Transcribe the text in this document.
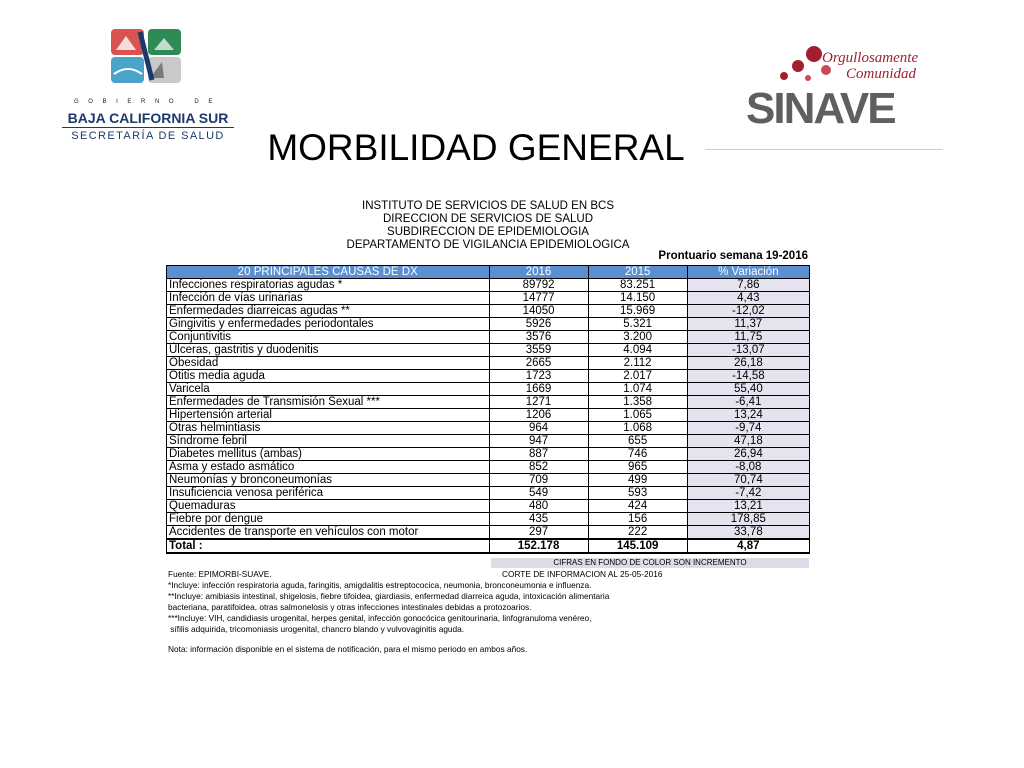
GOBIERNO DE
BAJA CALIFORNIA SUR
SECRETARÍA DE SALUD
Orgullosamente
Comunidad
SINAVE
MORBILIDAD GENERAL
INSTITUTO DE SERVICIOS DE SALUD EN BCS
DIRECCION DE SERVICIOS DE SALUD
SUBDIRECCION DE EPIDEMIOLOGIA
DEPARTAMENTO DE VIGILANCIA EPIDEMIOLOGICA
Prontuario semana 19-2016
20 PRINCIPALES CAUSAS DE DX	2016	2015	% Variación
Infecciones respiratorias agudas *	89792	83.251	7,86
Infección de vías urinarias	14777	14.150	4,43
Enfermedades diarreicas agudas **	14050	15.969	-12,02
Gingivitis y enfermedades periodontales	5926	5.321	11,37
Conjuntivitis	3576	3.200	11,75
Úlceras, gastritis y duodenitis	3559	4.094	-13,07
Obesidad	2665	2.112	26,18
Otitis media aguda	1723	2.017	-14,58
Varicela	1669	1.074	55,40
Enfermedades de Transmisión Sexual ***	1271	1.358	-6,41
Hipertensión arterial	1206	1.065	13,24
Otras helmintiasis	964	1.068	-9,74
Síndrome febril	947	655	47,18
Diabetes mellitus (ambas)	887	746	26,94
Asma y estado asmático	852	965	-8,08
Neumonías y bronconeumonías	709	499	70,74
Insuficiencia venosa periférica	549	593	-7,42
Quemaduras	480	424	13,21
Fiebre por dengue	435	156	178,85
Accidentes de transporte en vehículos con motor	297	222	33,78
Total :	152.178	145.109	4,87
CIFRAS EN FONDO DE COLOR SON INCREMENTO
Fuente: EPIMORBI-SUAVE.	CORTE DE INFORMACION AL 25-05-2016
*Incluye: infección respiratoria aguda, faringitis, amigdalitis estreptococica, neumonia, bronconeumonia e influenza.
**Incluye: amibiasis intestinal, shigelosis, fiebre tifoidea, giardiasis, enfermedad diarreica aguda, intoxicación alimentaria
bacteriana, paratifoidea, otras salmonelosis y otras infecciones intestinales debidas a protozoarios.
***Incluye: VIH, candidiasis urogenital, herpes genital, infección gonocócica genitourinaria, linfogranuloma venéreo,
sífilis adquirida, tricomoniasis urogenital, chancro blando y vulvovaginitis aguda.
Nota: información disponible en el sistema de notificación, para el mismo periodo en ambos años.
